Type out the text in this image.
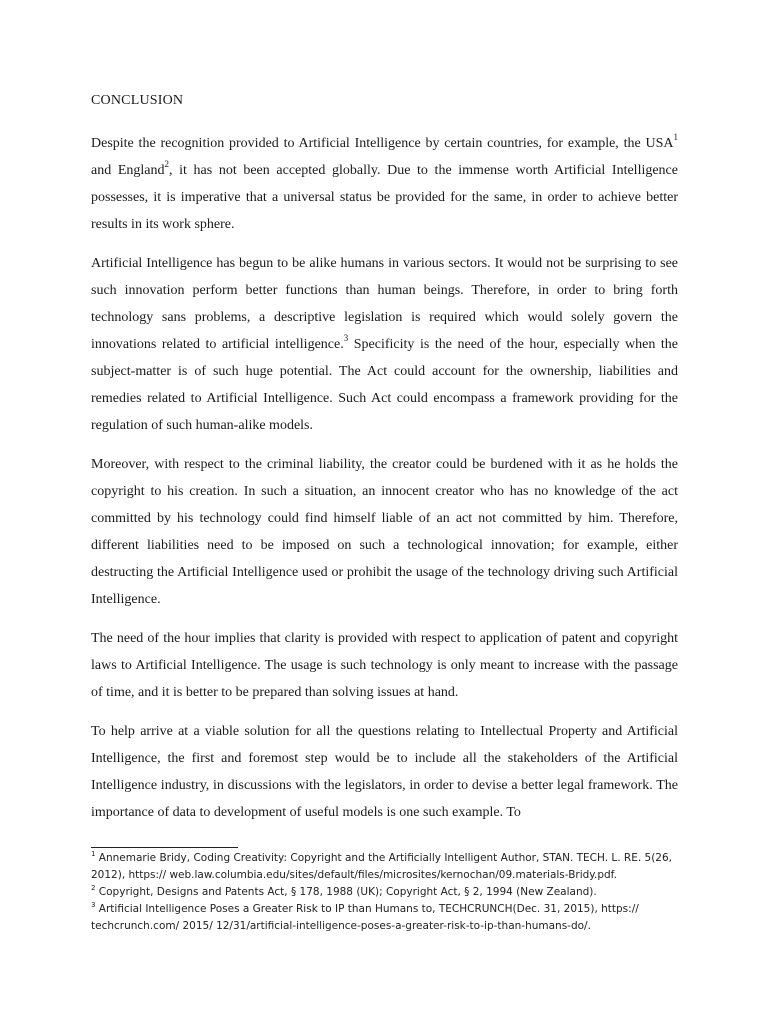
CONCLUSION

Despite the recognition provided to Artificial Intelligence by certain countries, for example, the USA$^1$ and England$^2$, it has not been accepted globally. Due to the immense worth Artificial Intelligence possesses, it is imperative that a universal status be provided for the same, in order to achieve better results in its work sphere.

Artificial Intelligence has begun to be alike humans in various sectors. It would not be surprising to see such innovation perform better functions than human beings. Therefore, in order to bring forth technology sans problems, a descriptive legislation is required which would solely govern the innovations related to artificial intelligence.$^3$ Specificity is the need of the hour, especially when the subject-matter is of such huge potential. The Act could account for the ownership, liabilities and remedies related to Artificial Intelligence. Such Act could encompass a framework providing for the regulation of such human-alike models.

Moreover, with respect to the criminal liability, the creator could be burdened with it as he holds the copyright to his creation. In such a situation, an innocent creator who has no knowledge of the act committed by his technology could find himself liable of an act not committed by him. Therefore, different liabilities need to be imposed on such a technological innovation; for example, either destructing the Artificial Intelligence used or prohibit the usage of the technology driving such Artificial Intelligence.

The need of the hour implies that clarity is provided with respect to application of patent and copyright laws to Artificial Intelligence. The usage is such technology is only meant to increase with the passage of time, and it is better to be prepared than solving issues at hand.

To help arrive at a viable solution for all the questions relating to Intellectual Property and Artificial Intelligence, the first and foremost step would be to include all the stakeholders of the Artificial Intelligence industry, in discussions with the legislators, in order to devise a better legal framework. The importance of data to development of useful models is one such example. To

$^1$ Annemarie Bridy, Coding Creativity: Copyright and the Artificially Intelligent Author, STAN. TECH. L. RE. 5(26, 2012), https:// web.law.columbia.edu/sites/default/files/microsites/kernochan/09.materials-Bridy.pdf.
$^2$ Copyright, Designs and Patents Act, § 178, 1988 (UK); Copyright Act, § 2, 1994 (New Zealand).
$^3$ Artificial Intelligence Poses a Greater Risk to IP than Humans to, TECHCRUNCH(Dec. 31, 2015), https:// techcrunch.com/ 2015/ 12/31/artificial-intelligence-poses-a-greater-risk-to-ip-than-humans-do/.
